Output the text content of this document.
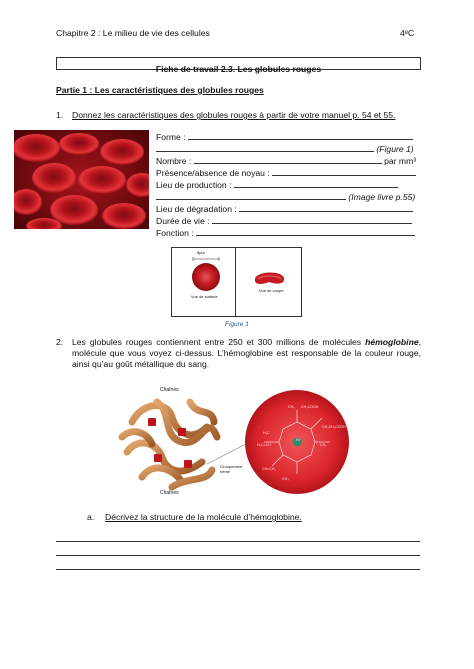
Chapitre 2 : Le milieu de vie des cellules	4ᵉC
Fiche de travail 2.3. Les globules rouges
Partie 1 : Les caractéristiques des globules rouges
1. Donnez les caractéristiques des globules rouges à partir de votre manuel p. 54 et 55.
Forme :
(Figure 1)
Nombre :	par mm³
Présence/absence de noyau :
Lieu de production :
(Image livre p.55)
Lieu de dégradation :
Durée de vie :
Fonction :
8µm
Vue de surface
Vue de coupe
Figure 1
2. Les globules rouges contiennent entre 250 et 300 millions de molécules hémoglobine, molécule que vous voyez ci-dessus. L’hémoglobine est responsable de la couleur rouge, ainsi qu’au goût métallique du sang.
CH₃ CH₂COOH
CH₂CH₂COOH
CH₃
H₃C
H₂C=CH
CH₃
CH=CH₂
Fe
Chaînes
Chaînes
Groupement hème
a. Décrivez la structure de la molécule d’hémoglobine.
